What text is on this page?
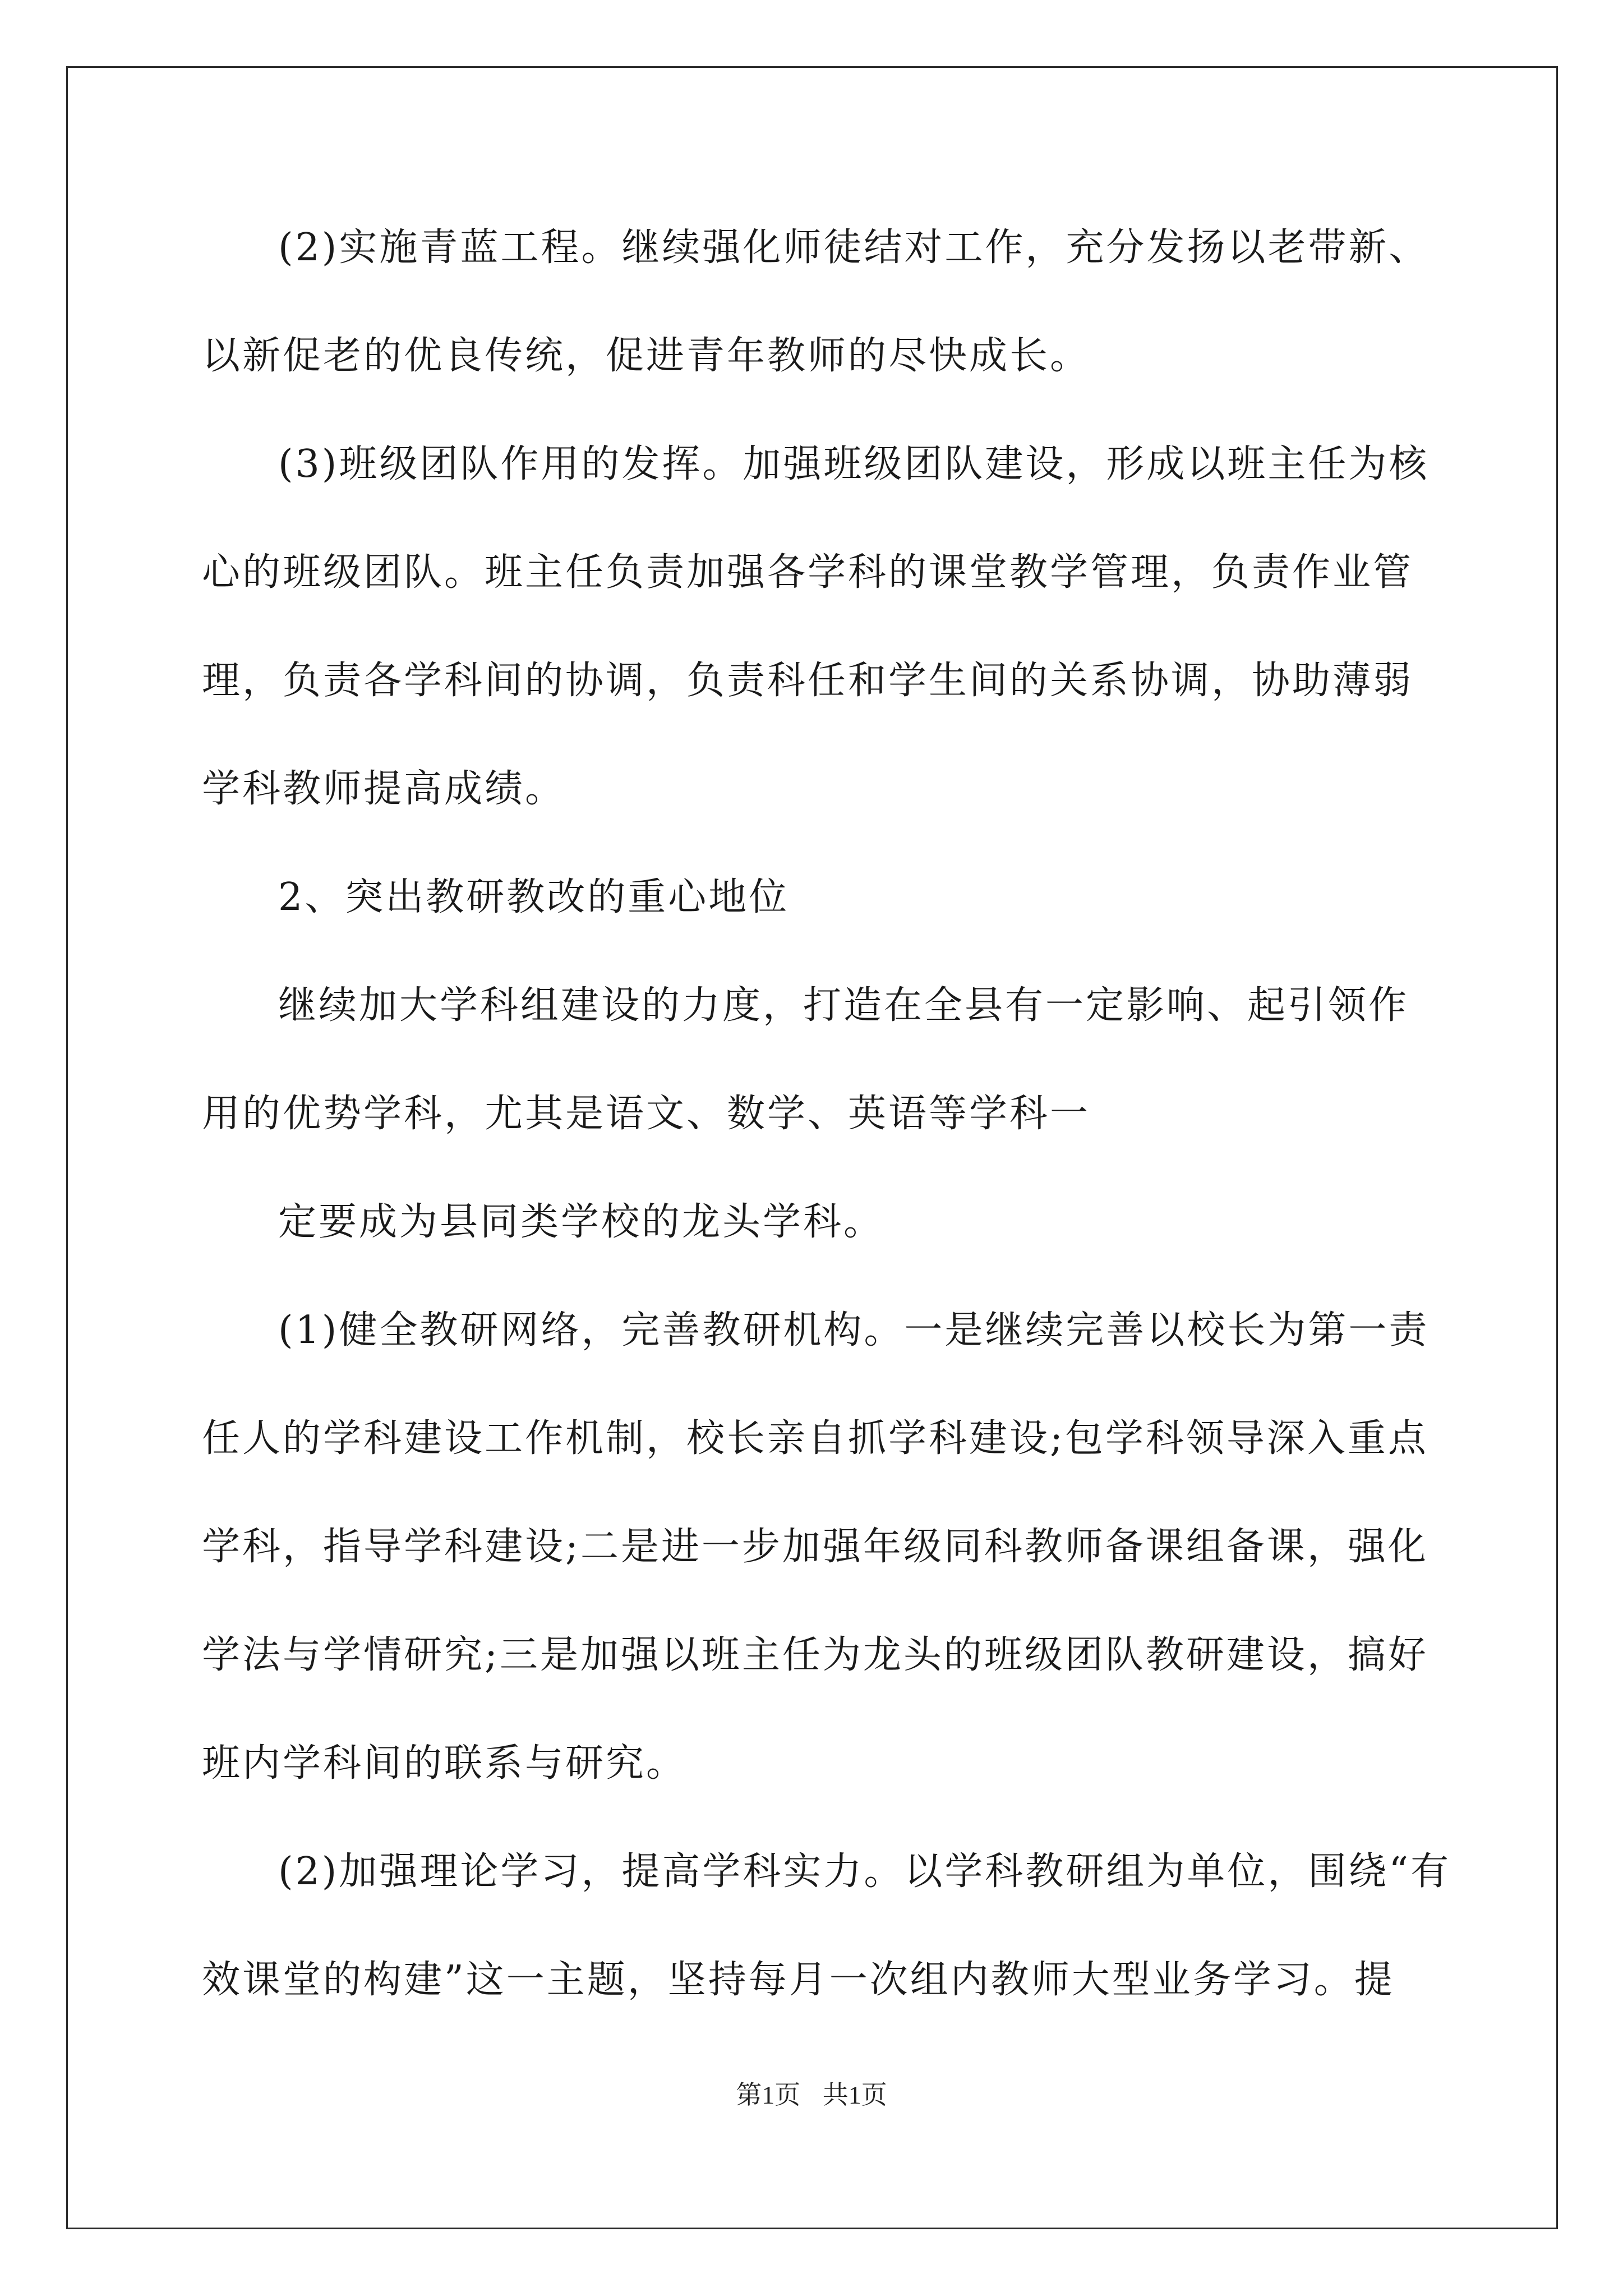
(2)实施青蓝工程。继续强化师徒结对工作，充分发扬以老带新、
以新促老的优良传统，促进青年教师的尽快成长。
(3)班级团队作用的发挥。加强班级团队建设，形成以班主任为核
心的班级团队。班主任负责加强各学科的课堂教学管理，负责作业管
理，负责各学科间的协调，负责科任和学生间的关系协调，协助薄弱
学科教师提高成绩。
2、突出教研教改的重心地位
继续加大学科组建设的力度，打造在全县有一定影响、起引领作
用的优势学科，尤其是语文、数学、英语等学科一
定要成为县同类学校的龙头学科。
(1)健全教研网络，完善教研机构。一是继续完善以校长为第一责
任人的学科建设工作机制，校长亲自抓学科建设;包学科领导深入重点
学科，指导学科建设;二是进一步加强年级同科教师备课组备课，强化
学法与学情研究;三是加强以班主任为龙头的班级团队教研建设，搞好
班内学科间的联系与研究。
(2)加强理论学习，提高学科实力。以学科教研组为单位，围绕“有
效课堂的构建”这一主题，坚持每月一次组内教师大型业务学习。提
第1页 共1页
